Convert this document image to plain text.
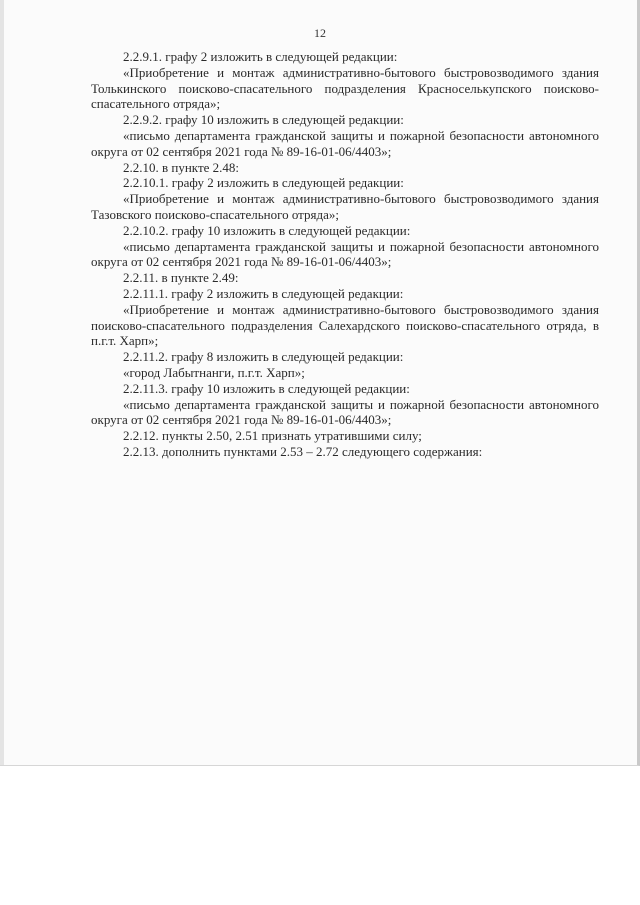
12

2.2.9.1. графу 2 изложить в следующей редакции:

«Приобретение и монтаж административно-бытового быстровозводимого здания Толькинского поисково-спасательного подразделения Красноселькупского поисково-спасательного отряда»;

2.2.9.2. графу 10 изложить в следующей редакции:

«письмо департамента гражданской защиты и пожарной безопасности автономного округа от 02 сентября 2021 года № 89-16-01-06/4403»;

2.2.10. в пункте 2.48:

2.2.10.1. графу 2 изложить в следующей редакции:

«Приобретение и монтаж административно-бытового быстровозводимого здания Тазовского поисково-спасательного отряда»;

2.2.10.2. графу 10 изложить в следующей редакции:

«письмо департамента гражданской защиты и пожарной безопасности автономного округа от 02 сентября 2021 года № 89-16-01-06/4403»;

2.2.11. в пункте 2.49:

2.2.11.1. графу 2 изложить в следующей редакции:

«Приобретение и монтаж административно-бытового быстровозводимого здания поисково-спасательного подразделения Салехардского поисково-спасательного отряда, в п.г.т. Харп»;

2.2.11.2. графу 8 изложить в следующей редакции:

«город Лабытнанги, п.г.т. Харп»;

2.2.11.3. графу 10 изложить в следующей редакции:

«письмо департамента гражданской защиты и пожарной безопасности автономного округа от 02 сентября 2021 года № 89-16-01-06/4403»;

2.2.12. пункты 2.50, 2.51 признать утратившими силу;

2.2.13. дополнить пунктами 2.53 – 2.72 следующего содержания:
